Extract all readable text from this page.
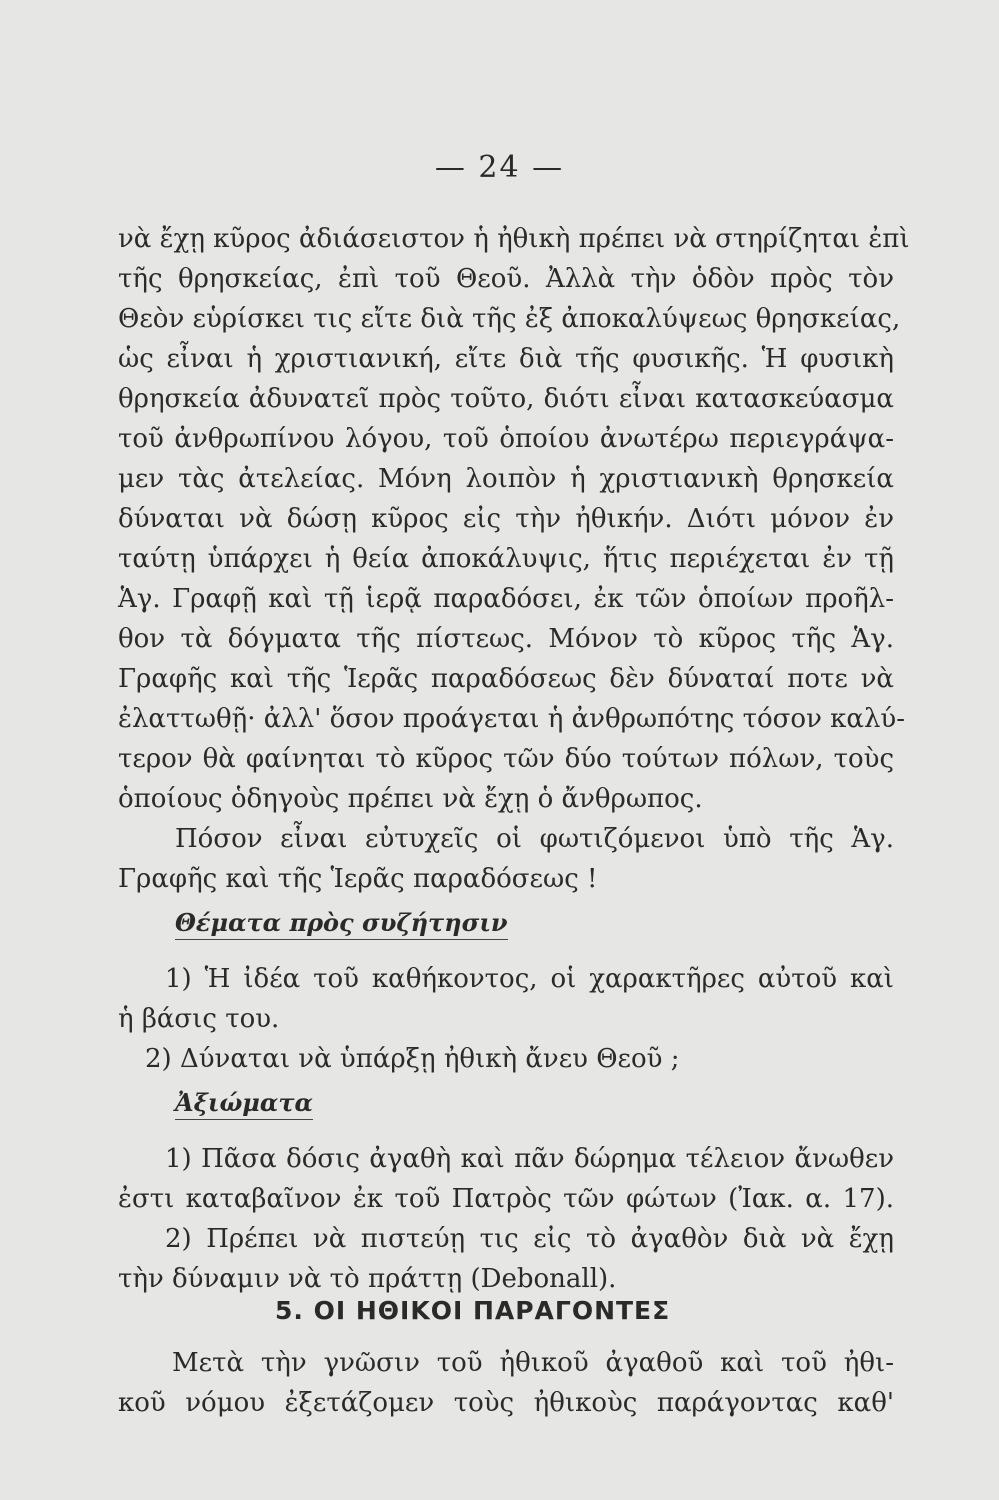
— 24 —
νὰ ἔχῃ κῦρος ἀδιάσειστον ἡ ἠθικὴ πρέπει νὰ στηρίζηται ἐπὶ
τῆς θρησκείας, ἐπὶ τοῦ Θεοῦ. Ἀλλὰ τὴν ὁδὸν πρὸς τὸν
Θεὸν εὑρίσκει τις εἴτε διὰ τῆς ἐξ ἀποκαλύψεως θρησκείας,
ὡς εἶναι ἡ χριστιανική, εἴτε διὰ τῆς φυσικῆς. Ἡ φυσικὴ
θρησκεία ἀδυνατεῖ πρὸς τοῦτο, διότι εἶναι κατασκεύασμα
τοῦ ἀνθρωπίνου λόγου, τοῦ ὁποίου ἀνωτέρω περιεγράψα-
μεν τὰς ἀτελείας. Μόνη λοιπὸν ἡ χριστιανικὴ θρησκεία
δύναται νὰ δώσῃ κῦρος εἰς τὴν ἠθικήν. Διότι μόνον ἐν
ταύτῃ ὑπάρχει ἡ θεία ἀποκάλυψις, ἥτις περιέχεται ἐν τῇ
Ἁγ. Γραφῇ καὶ τῇ ἱερᾷ παραδόσει, ἐκ τῶν ὁποίων προῆλ-
θον τὰ δόγματα τῆς πίστεως. Μόνον τὸ κῦρος τῆς Ἁγ.
Γραφῆς καὶ τῆς Ἱερᾶς παραδόσεως δὲν δύναταί ποτε νὰ
ἐλαττωθῇ· ἀλλ' ὅσον προάγεται ἡ ἀνθρωπότης τόσον καλύ-
τερον θὰ φαίνηται τὸ κῦρος τῶν δύο τούτων πόλων, τοὺς
ὁποίους ὁδηγοὺς πρέπει νὰ ἔχῃ ὁ ἄνθρωπος.
Πόσον εἶναι εὐτυχεῖς οἱ φωτιζόμενοι ὑπὸ τῆς Ἁγ.
Γραφῆς καὶ τῆς Ἱερᾶς παραδόσεως !
Θέματα πρὸς συζήτησιν
1) Ἡ ἰδέα τοῦ καθήκοντος, οἱ χαρακτῆρες αὐτοῦ καὶ
ἡ βάσις του.
2) Δύναται νὰ ὑπάρξῃ ἠθικὴ ἄνευ Θεοῦ ;
Ἀξιώματα
1) Πᾶσα δόσις ἀγαθὴ καὶ πᾶν δώρημα τέλειον ἄνωθεν
ἐστι καταβαῖνον ἐκ τοῦ Πατρὸς τῶν φώτων (Ἰακ. α. 17).
2) Πρέπει νὰ πιστεύῃ τις εἰς τὸ ἀγαθὸν διὰ νὰ ἔχῃ
τὴν δύναμιν νὰ τὸ πράττῃ (Debonall).
5. ΟΙ ΗΘΙΚΟΙ ΠΑΡΑΓΟΝΤΕΣ
Μετὰ τὴν γνῶσιν τοῦ ἠθικοῦ ἀγαθοῦ καὶ τοῦ ἠθι-
κοῦ νόμου ἐξετάζομεν τοὺς ἠθικοὺς παράγοντας καθ'
